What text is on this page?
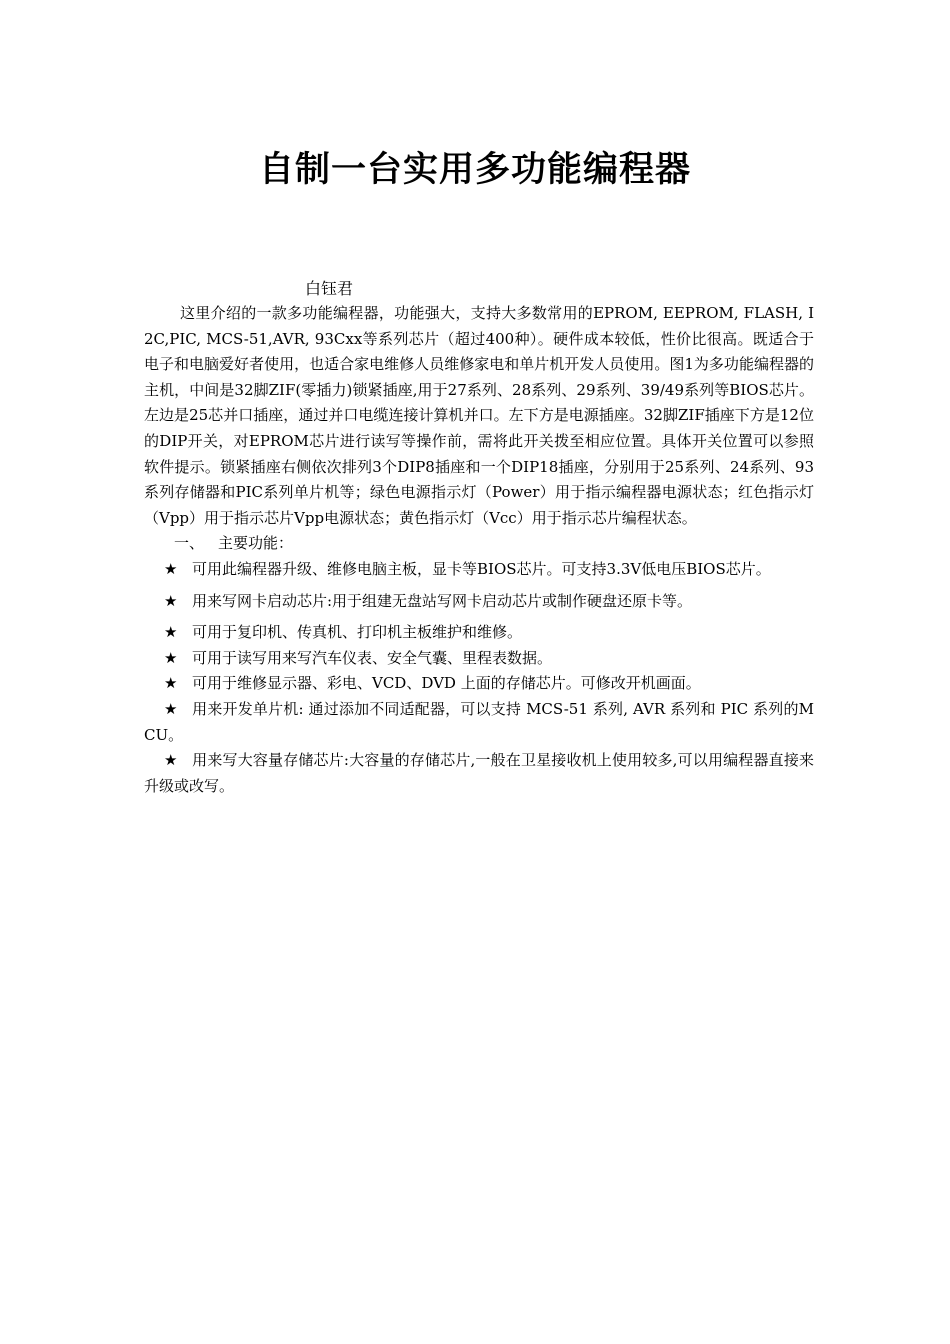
自制一台实用多功能编程器
白钰君

这里介绍的一款多功能编程器，功能强大，支持大多数常用的EPROM, EEPROM, FLASH, I2C,PIC, MCS-51,AVR, 93Cxx等系列芯片（超过400种）。硬件成本较低，性价比很高。既适合于电子和电脑爱好者使用，也适合家电维修人员维修家电和单片机开发人员使用。图1为多功能编程器的主机，中间是32脚ZIF(零插力)锁紧插座,用于27系列、28系列、29系列、39/49系列等BIOS芯片。左边是25芯并口插座，通过并口电缆连接计算机并口。左下方是电源插座。32脚ZIF插座下方是12位的DIP开关，对EPROM芯片进行读写等操作前，需将此开关拨至相应位置。具体开关位置可以参照软件提示。锁紧插座右侧依次排列3个DIP8插座和一个DIP18插座，分别用于25系列、24系列、93系列存储器和PIC系列单片机等；绿色电源指示灯（Power）用于指示编程器电源状态；红色指示灯（Vpp）用于指示芯片Vpp电源状态；黄色指示灯（Vcc）用于指示芯片编程状态。

一、 主要功能：

★ 可用此编程器升级、维修电脑主板，显卡等BIOS芯片。可支持3.3V低电压BIOS芯片。

★ 用来写网卡启动芯片:用于组建无盘站写网卡启动芯片或制作硬盘还原卡等。

★ 可用于复印机、传真机、打印机主板维护和维修。

★ 可用于读写用来写汽车仪表、安全气囊、里程表数据。

★ 可用于维修显示器、彩电、VCD、DVD 上面的存储芯片。可修改开机画面。

★ 用来开发单片机: 通过添加不同适配器，可以支持 MCS-51 系列, AVR 系列和 PIC 系列的MCU。

★ 用来写大容量存储芯片:大容量的存储芯片,一般在卫星接收机上使用较多,可以用编程器直接来升级或改写。
